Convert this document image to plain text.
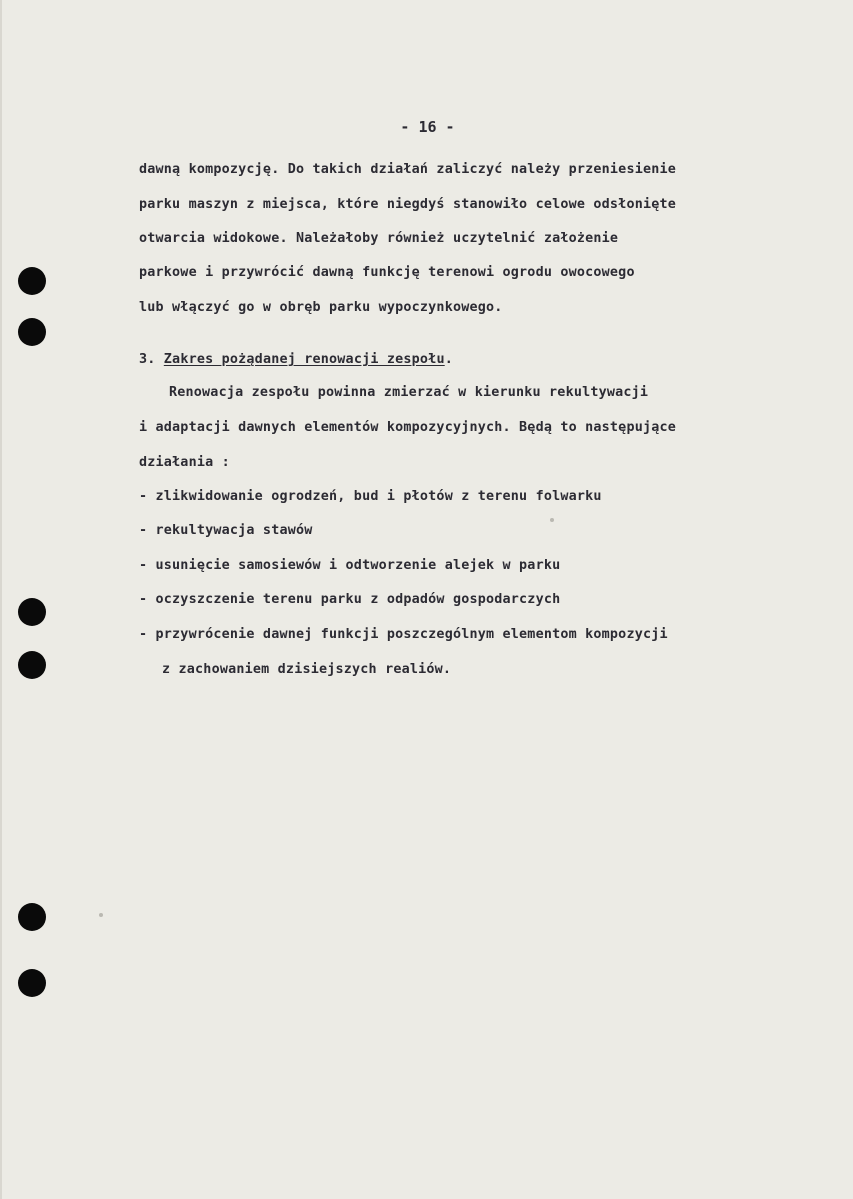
- 16 -
dawną kompozycję. Do takich działań zaliczyć należy przeniesienie
parku maszyn z miejsca, które niegdyś stanowiło celowe odsłonięte
otwarcia widokowe. Należałoby również uczytelnić założenie
parkowe i przywrócić dawną funkcję terenowi ogrodu owocowego
lub włączyć go w obręb parku wypoczynkowego.
3. Zakres pożądanej renowacji zespołu.
Renowacja zespołu powinna zmierzać w kierunku rekultywacji
i adaptacji dawnych elementów kompozycyjnych. Będą to następujące
działania :
- zlikwidowanie ogrodzeń, bud i płotów z terenu folwarku
- rekultywacja stawów
- usunięcie samosiewów i odtworzenie alejek w parku
- oczyszczenie terenu parku z odpadów gospodarczych
- przywrócenie dawnej funkcji poszczególnym elementom kompozycji
z zachowaniem dzisiejszych realiów.
